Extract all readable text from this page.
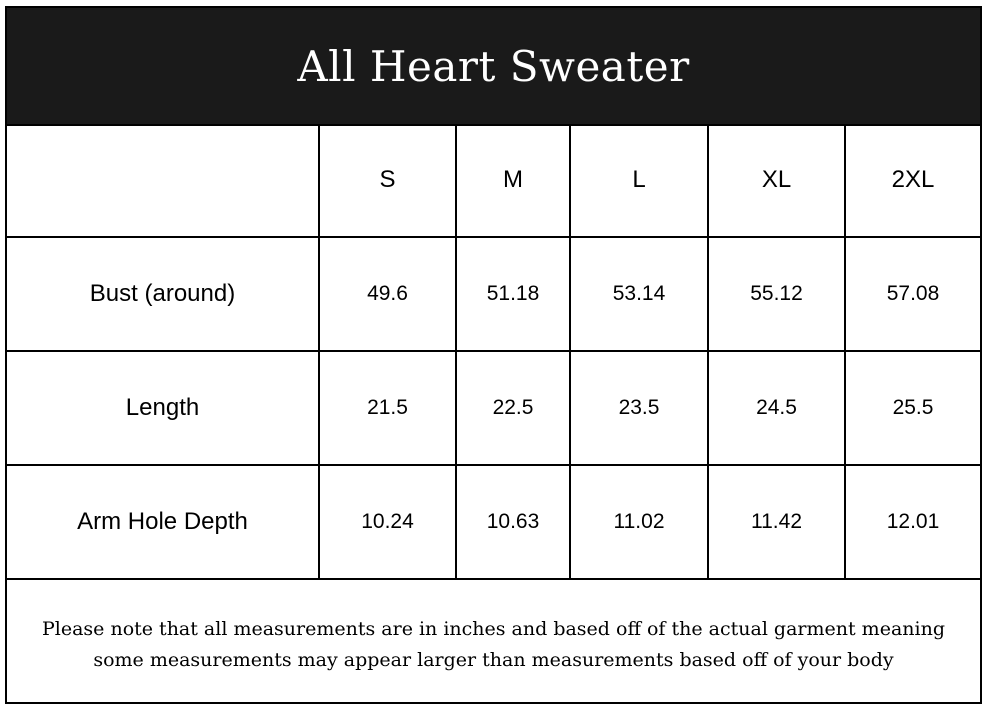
All Heart Sweater
	S	M	L	XL	2XL
Bust (around)	49.6	51.18	53.14	55.12	57.08
Length	21.5	22.5	23.5	24.5	25.5
Arm Hole Depth	10.24	10.63	11.02	11.42	12.01
Please note that all measurements are in inches and based off of the actual garment meaning some measurements may appear larger than measurements based off of your body
